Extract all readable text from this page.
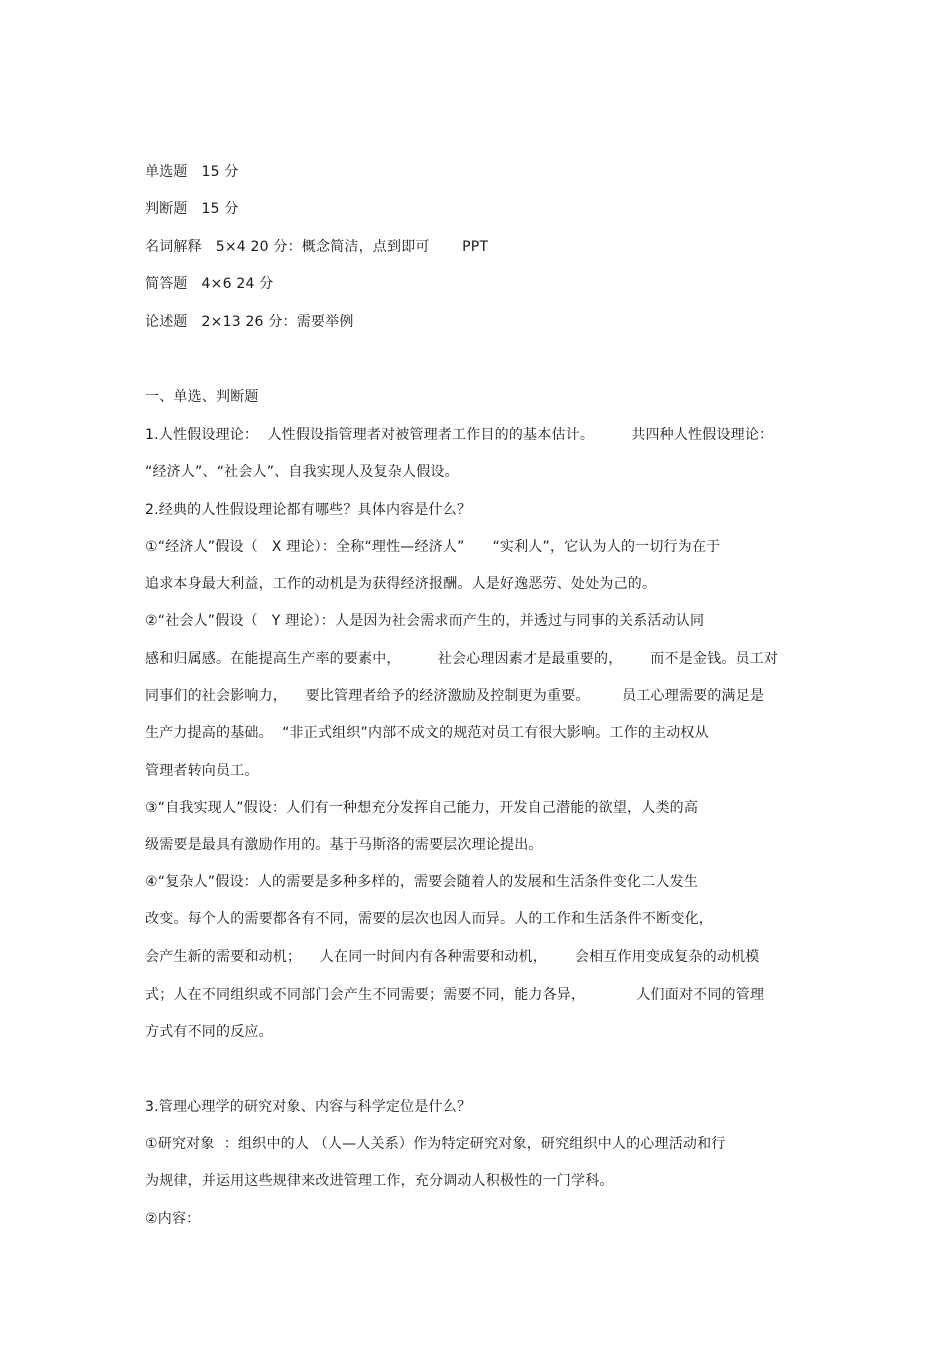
单选题   15 分
判断题   15 分
名词解释   5×4 20 分：概念简洁，点到即可       PPT
简答题   4×6 24 分
论述题   2×13 26 分：需要举例
一、单选、判断题
1.人性假设理论：  人性假设指管理者对被管理者工作目的的基本估计。        共四种人性假设理论：
“经济人”、“社会人”、自我实现人及复杂人假设。
2.经典的人性假设理论都有哪些？具体内容是什么？
①“经济人”假设（   X 理论）：全称“理性—经济人”      “实利人”，它认为人的一切行为在于
追求本身最大利益，工作的动机是为获得经济报酬。人是好逸恶劳、处处为己的。
②“社会人”假设（   Y 理论）：人是因为社会需求而产生的，并透过与同事的关系活动认同
感和归属感。在能提高生产率的要素中，        社会心理因素才是最重要的，      而不是金钱。员工对
同事们的社会影响力，    要比管理者给予的经济激励及控制更为重要。       员工心理需要的满足是
生产力提高的基础。  “非正式组织”内部不成文的规范对员工有很大影响。工作的主动权从
管理者转向员工。
③“自我实现人”假设：人们有一种想充分发挥自己能力，开发自己潜能的欲望，人类的高
级需要是最具有激励作用的。基于马斯洛的需要层次理论提出。
④“复杂人”假设：人的需要是多种多样的，需要会随着人的发展和生活条件变化二人发生
改变。每个人的需要都各有不同，需要的层次也因人而异。人的工作和生活条件不断变化，
会产生新的需要和动机；    人在同一时间内有各种需要和动机，      会相互作用变成复杂的动机模
式；人在不同组织或不同部门会产生不同需要；需要不同，能力各异，           人们面对不同的管理
方式有不同的反应。
3.管理心理学的研究对象、内容与科学定位是什么？
①研究对象  ：组织中的人 （人—人关系）作为特定研究对象，研究组织中人的心理活动和行
为规律，并运用这些规律来改进管理工作，充分调动人积极性的一门学科。
②内容：
